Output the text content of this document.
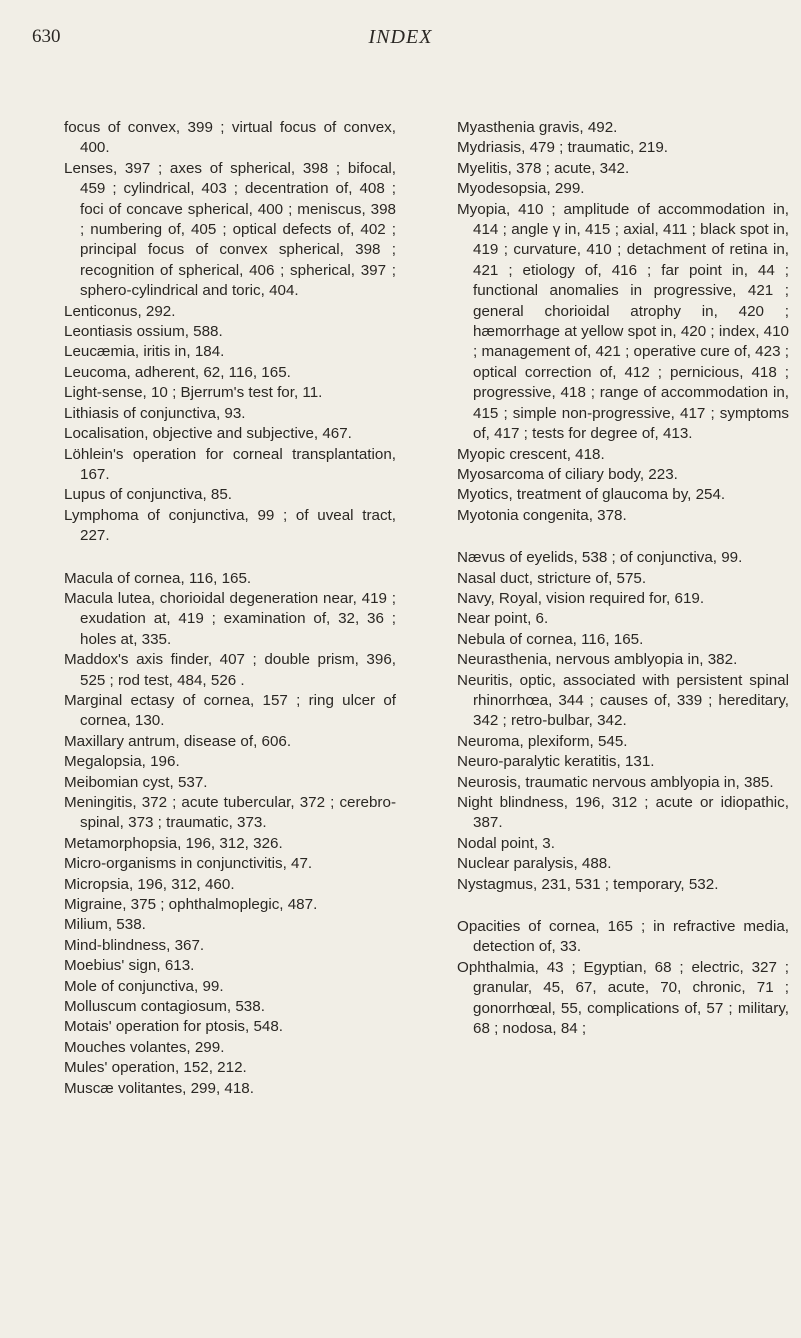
630	INDEX

focus of convex, 399 ; virtual focus of convex, 400.

Lenses, 397 ; axes of spherical, 398 ; bifocal, 459 ; cylindrical, 403 ; decentration of, 408 ; foci of concave spherical, 400 ; meniscus, 398 ; numbering of, 405 ; optical defects of, 402 ; principal focus of convex spherical, 398 ; recognition of spherical, 406 ; spherical, 397 ; sphero-cylindrical and toric, 404.

Lenticonus, 292.

Leontiasis ossium, 588.

Leucæmia, iritis in, 184.

Leucoma, adherent, 62, 116, 165.

Light-sense, 10 ; Bjerrum's test for, 11.

Lithiasis of conjunctiva, 93.

Localisation, objective and subjective, 467.

Löhlein's operation for corneal transplantation, 167.

Lupus of conjunctiva, 85.

Lymphoma of conjunctiva, 99 ; of uveal tract, 227.

Macula of cornea, 116, 165.

Macula lutea, chorioidal degeneration near, 419 ; exudation at, 419 ; examination of, 32, 36 ; holes at, 335.

Maddox's axis finder, 407 ; double prism, 396, 525 ; rod test, 484, 526 .

Marginal ectasy of cornea, 157 ; ring ulcer of cornea, 130.

Maxillary antrum, disease of, 606.

Megalopsia, 196.

Meibomian cyst, 537.

Meningitis, 372 ; acute tubercular, 372 ; cerebro-spinal, 373 ; traumatic, 373.

Metamorphopsia, 196, 312, 326.

Micro-organisms in conjunctivitis, 47.

Micropsia, 196, 312, 460.

Migraine, 375 ; ophthalmoplegic, 487.

Milium, 538.

Mind-blindness, 367.

Moebius' sign, 613.

Mole of conjunctiva, 99.

Molluscum contagiosum, 538.

Motais' operation for ptosis, 548.

Mouches volantes, 299.

Mules' operation, 152, 212.

Muscæ volitantes, 299, 418.

Myasthenia gravis, 492.

Mydriasis, 479 ; traumatic, 219.

Myelitis, 378 ; acute, 342.

Myodesopsia, 299.

Myopia, 410 ; amplitude of accommodation in, 414 ; angle γ in, 415 ; axial, 411 ; black spot in, 419 ; curvature, 410 ; detachment of retina in, 421 ; etiology of, 416 ; far point in, 44 ; functional anomalies in progressive, 421 ; general chorioidal atrophy in, 420 ; hæmorrhage at yellow spot in, 420 ; index, 410 ; management of, 421 ; operative cure of, 423 ; optical correction of, 412 ; pernicious, 418 ; progressive, 418 ; range of accommodation in, 415 ; simple non-progressive, 417 ; symptoms of, 417 ; tests for degree of, 413.

Myopic crescent, 418.

Myosarcoma of ciliary body, 223.

Myotics, treatment of glaucoma by, 254.

Myotonia congenita, 378.

Nævus of eyelids, 538 ; of conjunctiva, 99.

Nasal duct, stricture of, 575.

Navy, Royal, vision required for, 619.

Near point, 6.

Nebula of cornea, 116, 165.

Neurasthenia, nervous amblyopia in, 382.

Neuritis, optic, associated with persistent spinal rhinorrhœa, 344 ; causes of, 339 ; hereditary, 342 ; retro-bulbar, 342.

Neuroma, plexiform, 545.

Neuro-paralytic keratitis, 131.

Neurosis, traumatic nervous amblyopia in, 385.

Night blindness, 196, 312 ; acute or idiopathic, 387.

Nodal point, 3.

Nuclear paralysis, 488.

Nystagmus, 231, 531 ; temporary, 532.

Opacities of cornea, 165 ; in refractive media, detection of, 33.

Ophthalmia, 43 ; Egyptian, 68 ; electric, 327 ; granular, 45, 67, acute, 70, chronic, 71 ; gonorrhœal, 55, complications of, 57 ; military, 68 ; nodosa, 84 ;
